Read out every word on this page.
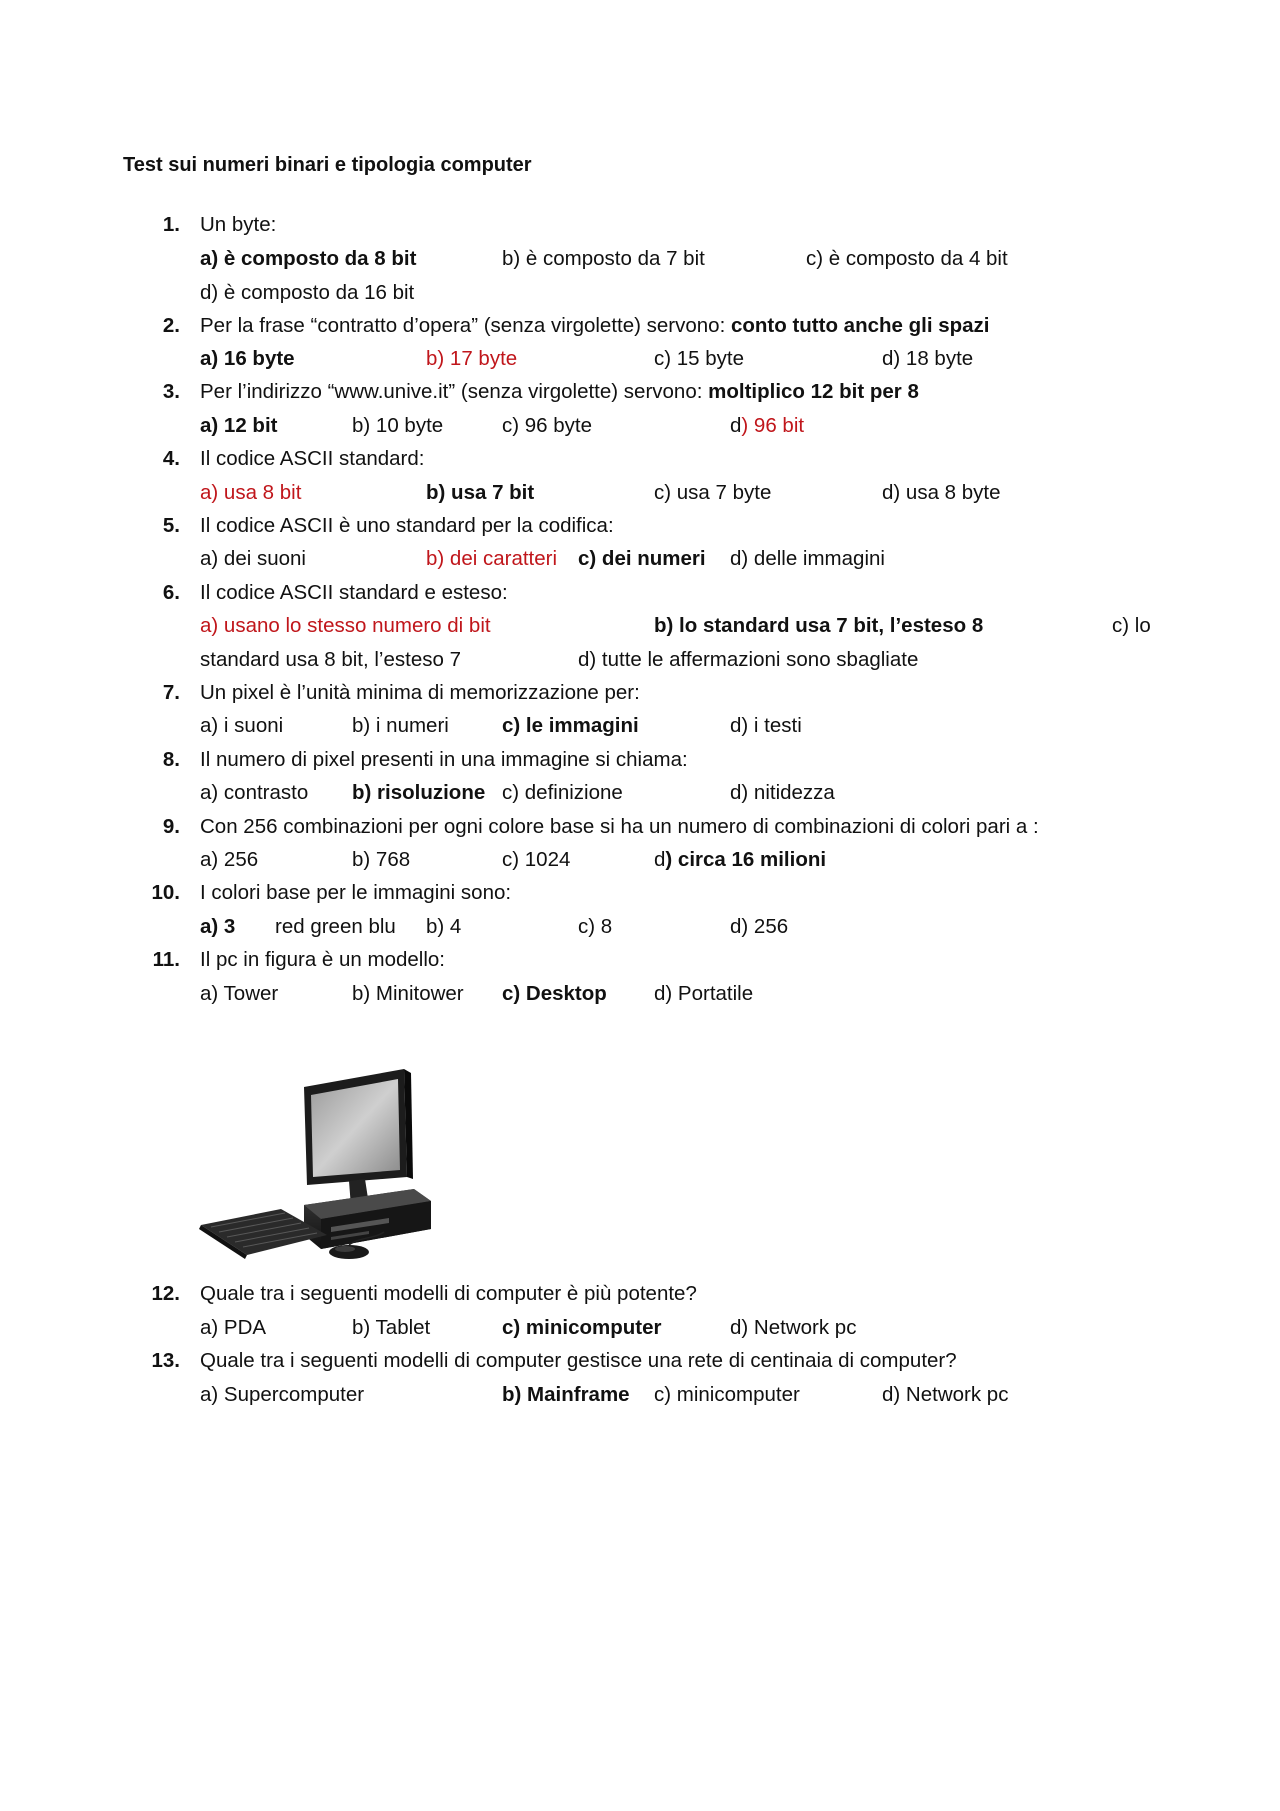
Test sui numeri binari e tipologia computer
1. Un byte:
a) è composto da 8 bit	b) è composto da 7 bit	c) è composto da 4 bit
d) è composto da 16 bit
2. Per la frase “contratto d’opera” (senza virgolette) servono: conto tutto anche gli spazi
a) 16 byte	b) 17 byte	c) 15 byte	d) 18 byte
3. Per l’indirizzo “www.unive.it” (senza virgolette) servono: moltiplico 12 bit per 8
a) 12 bit	b) 10 byte	c) 96 byte	d) 96 bit
4. Il codice ASCII standard:
a) usa 8 bit	b) usa 7 bit	c) usa 7 byte	d) usa 8 byte
5. Il codice ASCII è uno standard per la codifica:
a) dei suoni	b) dei caratteri c) dei numeri d) delle immagini
6. Il codice ASCII standard e esteso:
a) usano lo stesso numero di bit	b) lo standard usa 7 bit, l’esteso 8	c) lo
standard usa 8 bit, l’esteso 7	d) tutte le affermazioni sono sbagliate
7. Un pixel è l’unità minima di memorizzazione per:
a) i suoni	b) i numeri	c) le immagini	d) i testi
8. Il numero di pixel presenti in una immagine si chiama:
a) contrasto b) risoluzione c) definizione	d) nitidezza
9. Con 256 combinazioni per ogni colore base si ha un numero di combinazioni di colori pari a :
a) 256	b) 768	c) 1024	d) circa 16 milioni
10. I colori base per le immagini sono:
a) 3 red green blu b) 4	c) 8	d) 256
11. Il pc in figura è un modello:
a) Tower	b) Minitower c) Desktop d) Portatile
12. Quale tra i seguenti modelli di computer è più potente?
a) PDA	b) Tablet	c) minicomputer	d) Network pc
13. Quale tra i seguenti modelli di computer gestisce una rete di centinaia di computer?
a) Supercomputer	b) Mainframe c) minicomputer	d) Network pc
